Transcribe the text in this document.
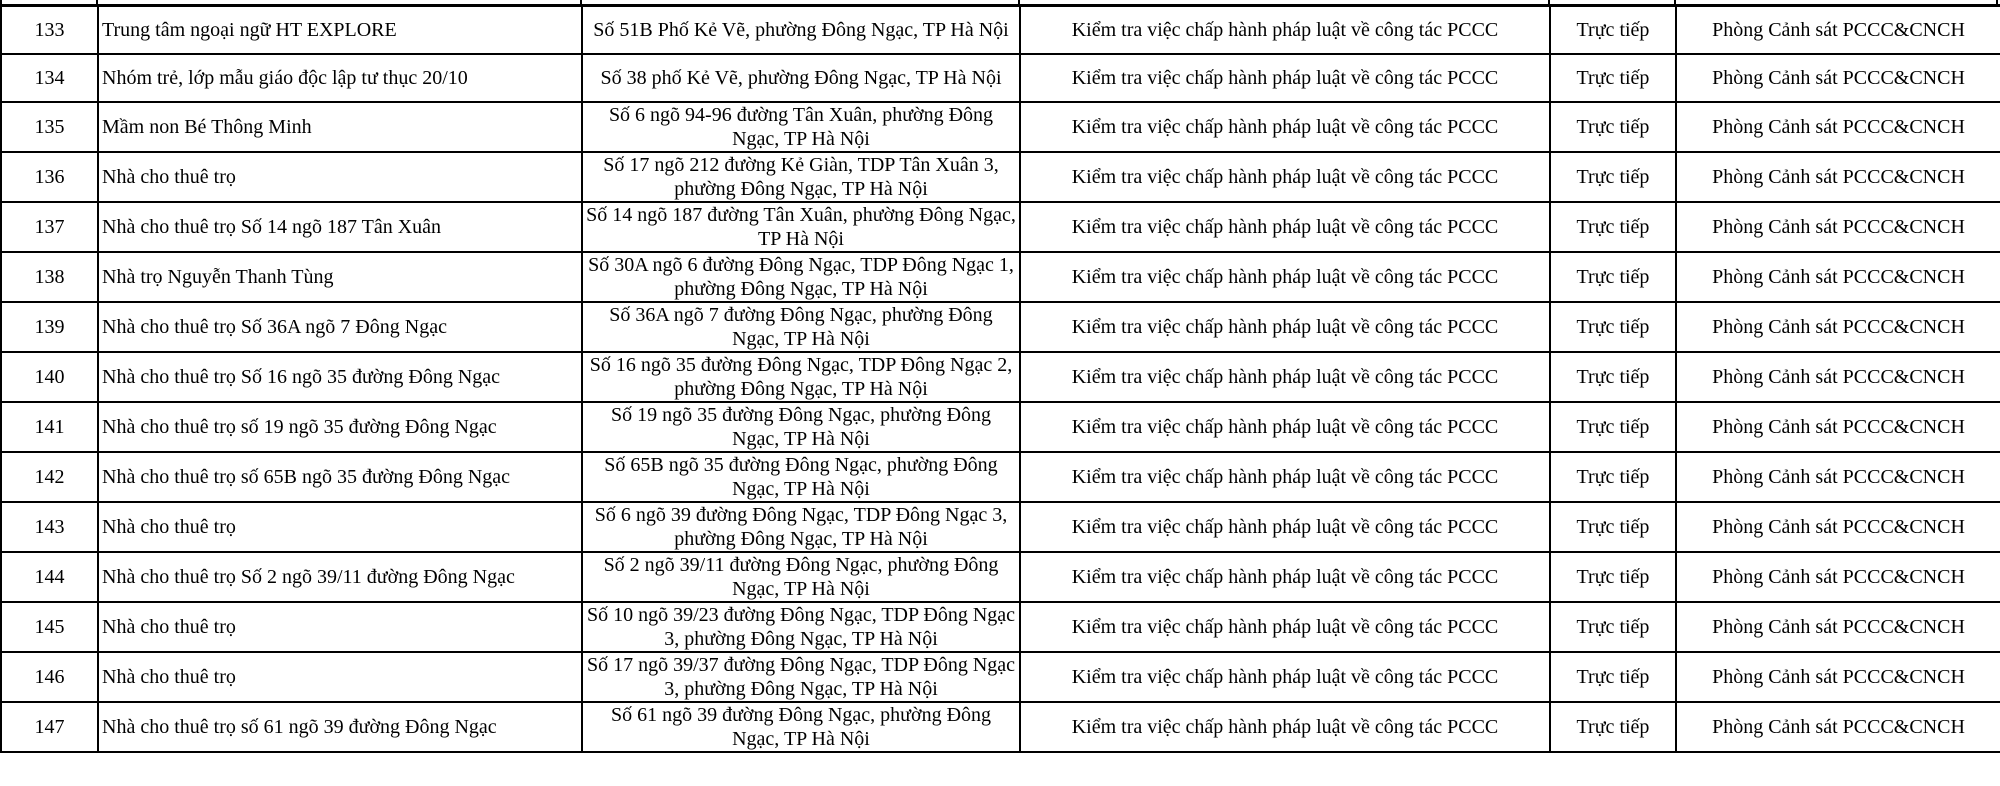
133	Trung tâm ngoại ngữ HT EXPLORE	Số 51B Phố Kẻ Vẽ, phường Đông Ngạc, TP Hà Nội	Kiểm tra việc chấp hành pháp luật về công tác PCCC	Trực tiếp	Phòng Cảnh sát PCCC&CNCH
134	Nhóm trẻ, lớp mẫu giáo độc lập tư thục 20/10	Số 38 phố Kẻ Vẽ, phường Đông Ngạc, TP Hà Nội	Kiểm tra việc chấp hành pháp luật về công tác PCCC	Trực tiếp	Phòng Cảnh sát PCCC&CNCH
135	Mầm non Bé Thông Minh	Số 6 ngõ 94-96 đường Tân Xuân, phường Đông Ngạc, TP Hà Nội	Kiểm tra việc chấp hành pháp luật về công tác PCCC	Trực tiếp	Phòng Cảnh sát PCCC&CNCH
136	Nhà cho thuê trọ	Số 17 ngõ 212 đường Kẻ Giàn, TDP Tân Xuân 3, phường Đông Ngạc, TP Hà Nội	Kiểm tra việc chấp hành pháp luật về công tác PCCC	Trực tiếp	Phòng Cảnh sát PCCC&CNCH
137	Nhà cho thuê trọ Số 14 ngõ 187 Tân Xuân	Số 14 ngõ 187 đường Tân Xuân, phường Đông Ngạc, TP Hà Nội	Kiểm tra việc chấp hành pháp luật về công tác PCCC	Trực tiếp	Phòng Cảnh sát PCCC&CNCH
138	Nhà trọ Nguyễn Thanh Tùng	Số 30A ngõ 6 đường Đông Ngạc, TDP Đông Ngạc 1, phường Đông Ngạc, TP Hà Nội	Kiểm tra việc chấp hành pháp luật về công tác PCCC	Trực tiếp	Phòng Cảnh sát PCCC&CNCH
139	Nhà cho thuê trọ Số 36A ngõ 7 Đông Ngạc	Số 36A ngõ 7 đường Đông Ngạc, phường Đông Ngạc, TP Hà Nội	Kiểm tra việc chấp hành pháp luật về công tác PCCC	Trực tiếp	Phòng Cảnh sát PCCC&CNCH
140	Nhà cho thuê trọ Số 16 ngõ 35 đường Đông Ngạc	Số 16 ngõ 35 đường Đông Ngạc, TDP Đông Ngạc 2, phường Đông Ngạc, TP Hà Nội	Kiểm tra việc chấp hành pháp luật về công tác PCCC	Trực tiếp	Phòng Cảnh sát PCCC&CNCH
141	Nhà cho thuê trọ số 19 ngõ 35 đường Đông Ngạc	Số 19 ngõ 35 đường Đông Ngạc, phường Đông Ngạc, TP Hà Nội	Kiểm tra việc chấp hành pháp luật về công tác PCCC	Trực tiếp	Phòng Cảnh sát PCCC&CNCH
142	Nhà cho thuê trọ số 65B ngõ 35 đường Đông Ngạc	Số 65B ngõ 35 đường Đông Ngạc, phường Đông Ngạc, TP Hà Nội	Kiểm tra việc chấp hành pháp luật về công tác PCCC	Trực tiếp	Phòng Cảnh sát PCCC&CNCH
143	Nhà cho thuê trọ	Số 6 ngõ 39 đường Đông Ngạc, TDP Đông Ngạc 3, phường Đông Ngạc, TP Hà Nội	Kiểm tra việc chấp hành pháp luật về công tác PCCC	Trực tiếp	Phòng Cảnh sát PCCC&CNCH
144	Nhà cho thuê trọ Số 2 ngõ 39/11 đường Đông Ngạc	Số 2 ngõ 39/11 đường Đông Ngạc, phường Đông Ngạc, TP Hà Nội	Kiểm tra việc chấp hành pháp luật về công tác PCCC	Trực tiếp	Phòng Cảnh sát PCCC&CNCH
145	Nhà cho thuê trọ	Số 10 ngõ 39/23 đường Đông Ngạc, TDP Đông Ngạc 3, phường Đông Ngạc, TP Hà Nội	Kiểm tra việc chấp hành pháp luật về công tác PCCC	Trực tiếp	Phòng Cảnh sát PCCC&CNCH
146	Nhà cho thuê trọ	Số 17 ngõ 39/37 đường Đông Ngạc, TDP Đông Ngạc 3, phường Đông Ngạc, TP Hà Nội	Kiểm tra việc chấp hành pháp luật về công tác PCCC	Trực tiếp	Phòng Cảnh sát PCCC&CNCH
147	Nhà cho thuê trọ số 61 ngõ 39 đường Đông Ngạc	Số 61 ngõ 39 đường Đông Ngạc, phường Đông Ngạc, TP Hà Nội	Kiểm tra việc chấp hành pháp luật về công tác PCCC	Trực tiếp	Phòng Cảnh sát PCCC&CNCH
